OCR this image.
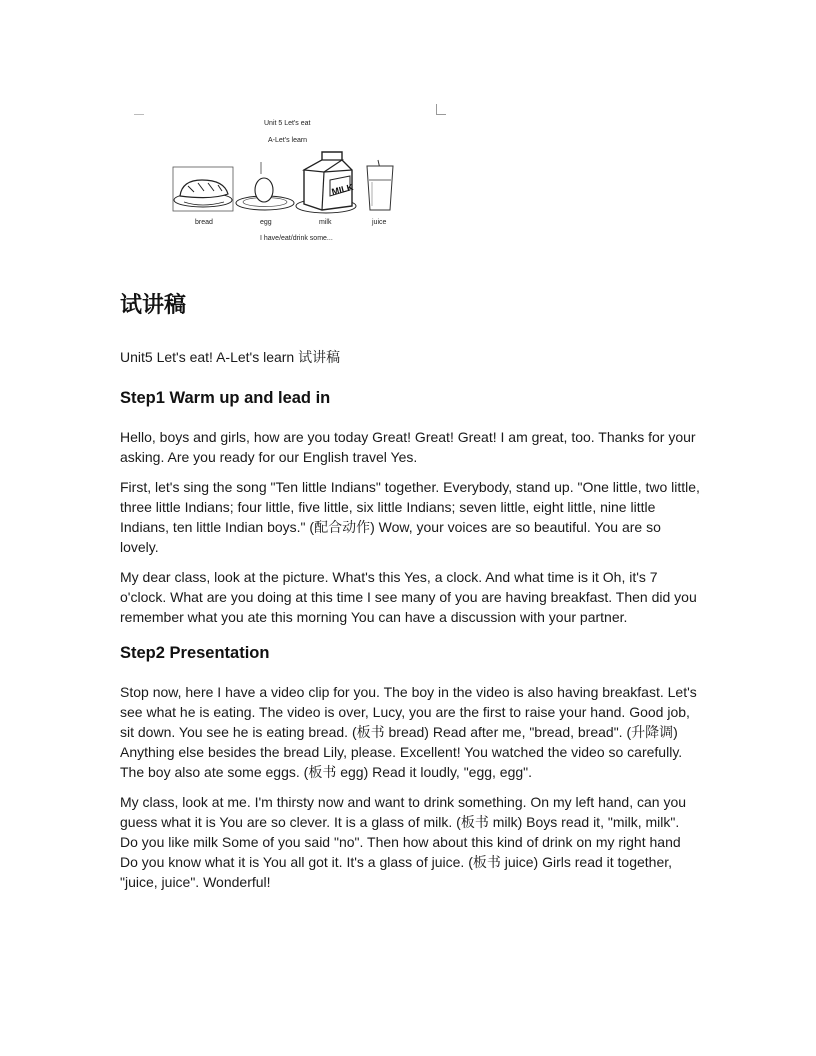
Unit 5 Let's eat
A-Let's learn
MILK
bread	egg	milk	juice
I have/eat/drink some...
试讲稿
Unit5 Let's eat! A-Let's learn 试讲稿
Step1 Warm up and lead in

Hello, boys and girls, how are you today Great! Great! Great! I am great, too. Thanks for your asking. Are you ready for our English travel Yes.

First, let's sing the song "Ten little Indians" together. Everybody, stand up. "One little, two little, three little Indians; four little, five little, six little Indians; seven little, eight little, nine little Indians, ten little Indian boys." (配合动作) Wow, your voices are so beautiful. You are so lovely.

My dear class, look at the picture. What's this Yes, a clock. And what time is it Oh, it's 7 o'clock. What are you doing at this time I see many of you are having breakfast. Then did you remember what you ate this morning You can have a discussion with your partner.

Step2 Presentation

Stop now, here I have a video clip for you. The boy in the video is also having breakfast. Let's see what he is eating. The video is over, Lucy, you are the first to raise your hand. Good job, sit down. You see he is eating bread. (板书 bread) Read after me, "bread, bread". (升降调) Anything else besides the bread Lily, please. Excellent! You watched the video so carefully. The boy also ate some eggs. (板书 egg) Read it loudly, "egg, egg".

My class, look at me. I'm thirsty now and want to drink something. On my left hand, can you guess what it is You are so clever. It is a glass of milk. (板书 milk) Boys read it, "milk, milk". Do you like milk Some of you said "no". Then how about this kind of drink on my right hand Do you know what it is You all got it. It's a glass of juice. (板书 juice) Girls read it together, "juice, juice". Wonderful!
